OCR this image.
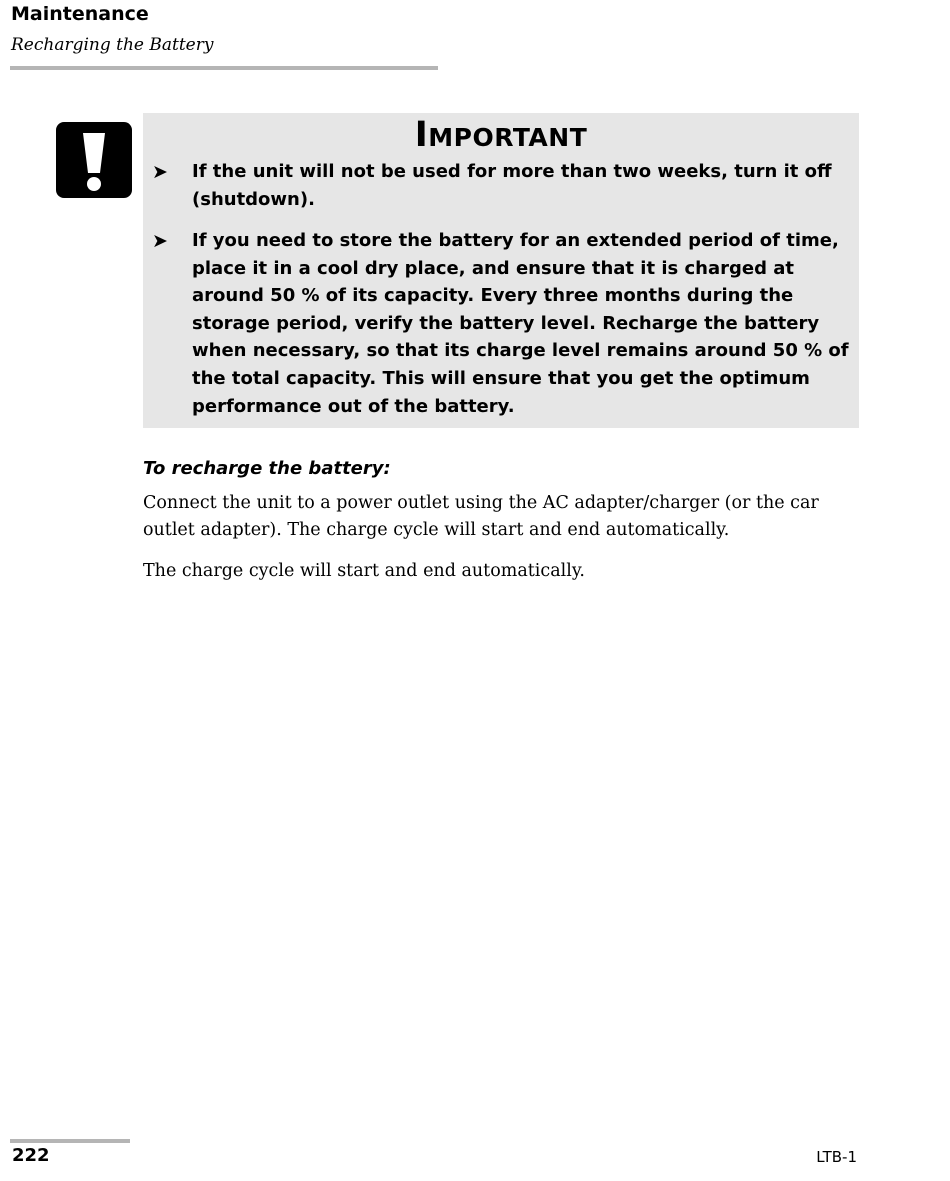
Maintenance
Recharging the Battery
Important
➤	If the unit will not be used for more than two weeks, turn it off (shutdown).
➤	If you need to store the battery for an extended period of time, place it in a cool dry place, and ensure that it is charged at around 50 % of its capacity. Every three months during the storage period, verify the battery level. Recharge the battery when necessary, so that its charge level remains around 50 % of the total capacity. This will ensure that you get the optimum performance out of the battery.
To recharge the battery:
Connect the unit to a power outlet using the AC adapter/charger (or the car outlet adapter). The charge cycle will start and end automatically.
The charge cycle will start and end automatically.
222	LTB-1
